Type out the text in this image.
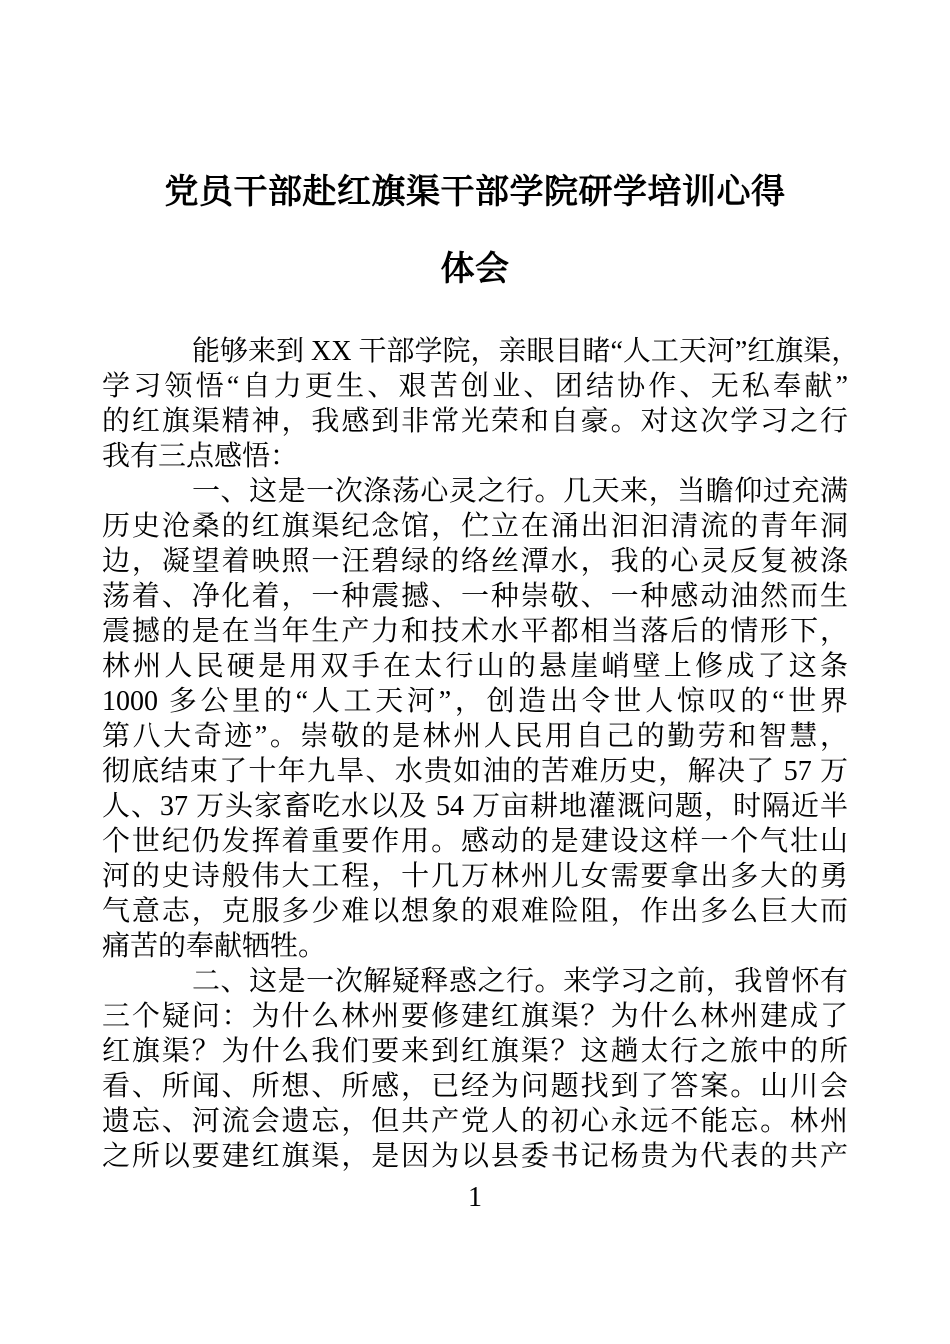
党员干部赴红旗渠干部学院研学培训心得
体会
能够来到 XX 干部学院，亲眼目睹“人工天河”红旗渠，
学习领悟“自力更生、艰苦创业、团结协作、无私奉献”
的红旗渠精神，我感到非常光荣和自豪。对这次学习之行
我有三点感悟：
一、这是一次涤荡心灵之行。几天来，当瞻仰过充满
历史沧桑的红旗渠纪念馆，伫立在涌出汩汩清流的青年洞
边，凝望着映照一汪碧绿的络丝潭水，我的心灵反复被涤
荡着、净化着，一种震撼、一种崇敬、一种感动油然而生
震撼的是在当年生产力和技术水平都相当落后的情形下，
林州人民硬是用双手在太行山的悬崖峭壁上修成了这条
1000 多公里的“人工天河”，创造出令世人惊叹的“世界
第八大奇迹”。崇敬的是林州人民用自己的勤劳和智慧，
彻底结束了十年九旱、水贵如油的苦难历史，解决了 57 万
人、37 万头家畜吃水以及 54 万亩耕地灌溉问题，时隔近半
个世纪仍发挥着重要作用。感动的是建设这样一个气壮山
河的史诗般伟大工程，十几万林州儿女需要拿出多大的勇
气意志，克服多少难以想象的艰难险阻，作出多么巨大而
痛苦的奉献牺牲。
二、这是一次解疑释惑之行。来学习之前，我曾怀有
三个疑问：为什么林州要修建红旗渠？为什么林州建成了
红旗渠？为什么我们要来到红旗渠？这趟太行之旅中的所
看、所闻、所想、所感，已经为问题找到了答案。山川会
遗忘、河流会遗忘，但共产党人的初心永远不能忘。林州
之所以要建红旗渠，是因为以县委书记杨贵为代表的共产
1
